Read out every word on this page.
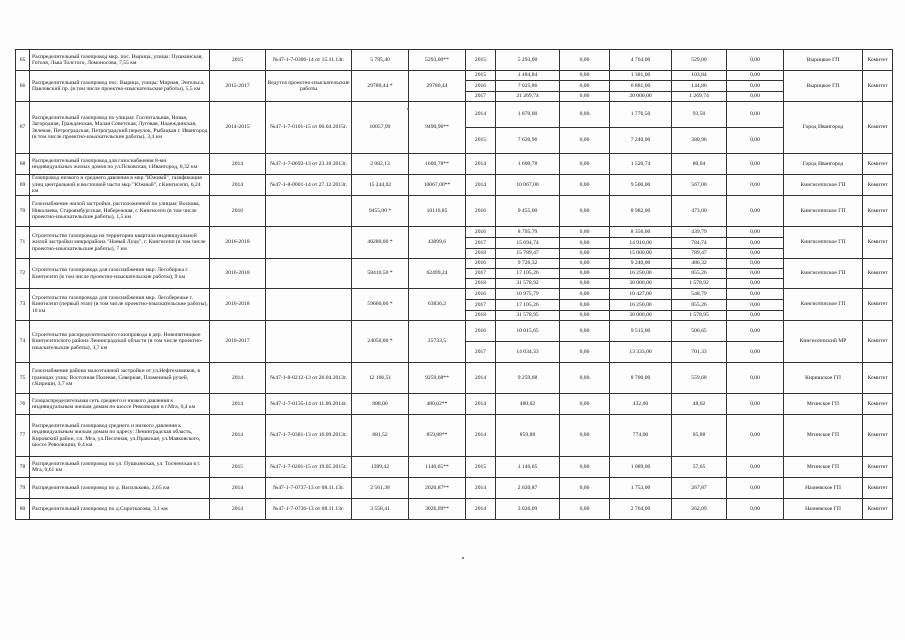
65	Распределительный газопровод мкр. пос. Вырица, улицы: Пушкинская, Гоголя, Льва Толстого, Ломоносова, 7,55 км	2015	№47-1-7-0306-14 от 15.11.14г.	5 795,40	5293,00**	2015	5 293,00	0,00	4 764,00	529,00	0,00	Вырицкое ГП	Комитет
66	Распределительный газопровод пос. Вырица, улицы: Мирная, Энгельса, Павловский пр. (в том числе проектно-изыскательские работы), 5,5 км	2015-2017	Ведутся проектно-изыскательские работы	29780,44 *	29780,44	2015	1 484,84	0,00	1 381,00	103,84	0,00	Вырицкое ГП	Комитет
						2016	7 025,86	0,00	6 881,00	144,86	0,00		
						2017	21 269,74	0,00	20 000,00	1 269,74	0,00		
67	Распределительный газопровод по улицам: Госпитальная, Новая, Загородная, Гражданская, Малая Советская, Луговая, Надеждинская, Зеленая, Петроградская, Петроградский переулок, Рыбацкая г. Ивангород (в том числе проектно-изыскательские работы), 3,4 км	2014-2015	№47-1-7-0101-15 от 06.04.2015г.	10057,99	9490,96**	2014	1 870,00	0,00	1 776,50	93,50	0,00	Город Ивангород	Комитет
						2015	7 620,96	0,00	7 240,00	380,96	0,00		
68	Распределительный газопровод для газоснабжения 8-ми индивидуальных жилых домов по ул.Псковская, г.Ивангород, 0,32 км	2014	№47-1-7-0692-13 от 23.10.2013г.	2 082,13	1600,78**	2014	1 600,78	0,00	1 520,74	80,04	0,00	Город Ивангород	Комитет
69	Газопровод низкого и среднего давления в мкр."Южный", газификация улиц центральной и восточной части мкр "Южный", г.Кингисепп, 6,24 км	2014	№47-1-8-0001-14 от 27.12.2013г.	15 244,02	10067,00**	2014	10 067,00	0,00	9 500,00	567,00	0,00	Кингисеппское ГП	Комитет
70	Газоснабжение жилой застройки, расположенной по улицам: Воскова, Николаева, Староямбургская, Набережная, г. Кингисепп (в том числе проектно-изыскательские работы), 1,5 км	2016		9455,00 *	10116,85	2016	9 455,00	0,00	8 982,00	473,00	0,00	Кингисеппское ГП	Комитет
71	Строительство газопровода на территории квартала индивидуальной жилой застройки микрорайона "Новый Луцк", г. Кингисепп (в том числе проектно-изыскательские работы), 7 км	2016-2018		40280,00 *	43099,6	2016	8 795,79	0,00	8 356,00	439,79	0,00	Кингисеппское ГП	Комитет
						2017	15 694,74	0,00	14 910,00	784,74	0,00		
						2018	15 789,47	0,00	15 000,00	789,47	0,00		
72	Строительство газопровода для газоснабжения мкр. Лесобиржа г. Кингисепп (в том числе проектно-изыскательские работы), 9 км	2016-2018		58410,50 *	62499,24	2016	9 726,32	0,00	9 240,00	486,32	0,00	Кингисеппское ГП	Комитет
						2017	17 105,26	0,00	16 250,00	855,26	0,00		
						2018	31 578,92	0,00	30 000,00	1 578,92	0,00		
73	Строительство газопровода для газоснабжения мкр. Лесобережье г. Кингисепп (первый этап) (в том числе проектно-изыскательские работы), 10 км	2016-2018		59660,00 *	63836,2	2016	10 975,79	0,00	10 427,00	548,79	0,00	Кингисеппское ГП	Комитет
						2017	17 105,26	0,00	16 250,00	855,26	0,00		
						2018	31 578,95	0,00	30 000,00	1 578,95	0,00		
74	Строительство распределительного газопровода в дер. Новопятницкое Кингисеппского района Ленинградской области (в том числе проектно-изыскательские работы), 3,7 км	2016-2017		24050,00 *	25733,5	2016	10 015,65	0,00	9 515,00	500,65	0,00	Кингисеппский МР	Комитет
						2017	14 034,33	0,00	13 333,00	701,33	0,00		
75	Газоснабжение района малоэтажной застройки от ул.Нефтехимиков, в границах улиц: Восточная Полевая, Северная, Пламенный ручей, г.Кириши, 3,7 км	2014	№47-1-8-0212-13 от 26.04.2013г.	12 106,51	9259,68**	2014	9 259,68	0,00	8 700,00	559,68	0,00	Киришское ГП	Комитет
76	Газораспределительная сеть среднего и низкого давления к индивидуальным жилым домам по шоссе Революции в г.Мга, 0,4 км	2014	№47-1-7-0135-14 от 11.06.2014г.	888,00	480,02**	2014	480,02	0,00	432,00	48,02	0,00	Мгинское ГП	Комитет
77	Распределительный газопровод среднего и низкого давления к индивидуальным жилым домам по адресу: Ленинградская область, Кировский район, г.п. Мга, ул.Песочная, ул.Правская, ул.Маяковского, шоссе Революции, 0,4 км	2014	№47-1-7-0381-13 от 16.09.2013г.	881,52	859,88**	2014	859,88	0,00	774,00	85,88	0,00	Мгинское ГП	Комитет
78	Распределительный газопровод по ул. Пушкинская, ул. Тосненская в г. Мга, 0,61 км	2015	№47-1-7-0201-15 от 19.05.2015г.	1399,42	1146,65**	2015	1 146,65	0,00	1 089,00	57,65	0,00	Мгинское ГП	Комитет
79	Распределительный газопровод по д. Васильково, 2,65 км	2014	№47-1-7-0737-13 от 08.11.13г.	2 561,38	2020,87**	2014	2 020,87	0,00	1 753,00	267,87	0,00	Назиевское ГП	Комитет
80	Распределительный газопровод по д.Сироткасова, 3,1 км	2014	№47-1-7-0736-13 от 08.11.13г.	3 558,41	3026,09**	2014	3 026,09	0,00	2 764,00	262,09	0,00	Назиевское ГП	Комитет
